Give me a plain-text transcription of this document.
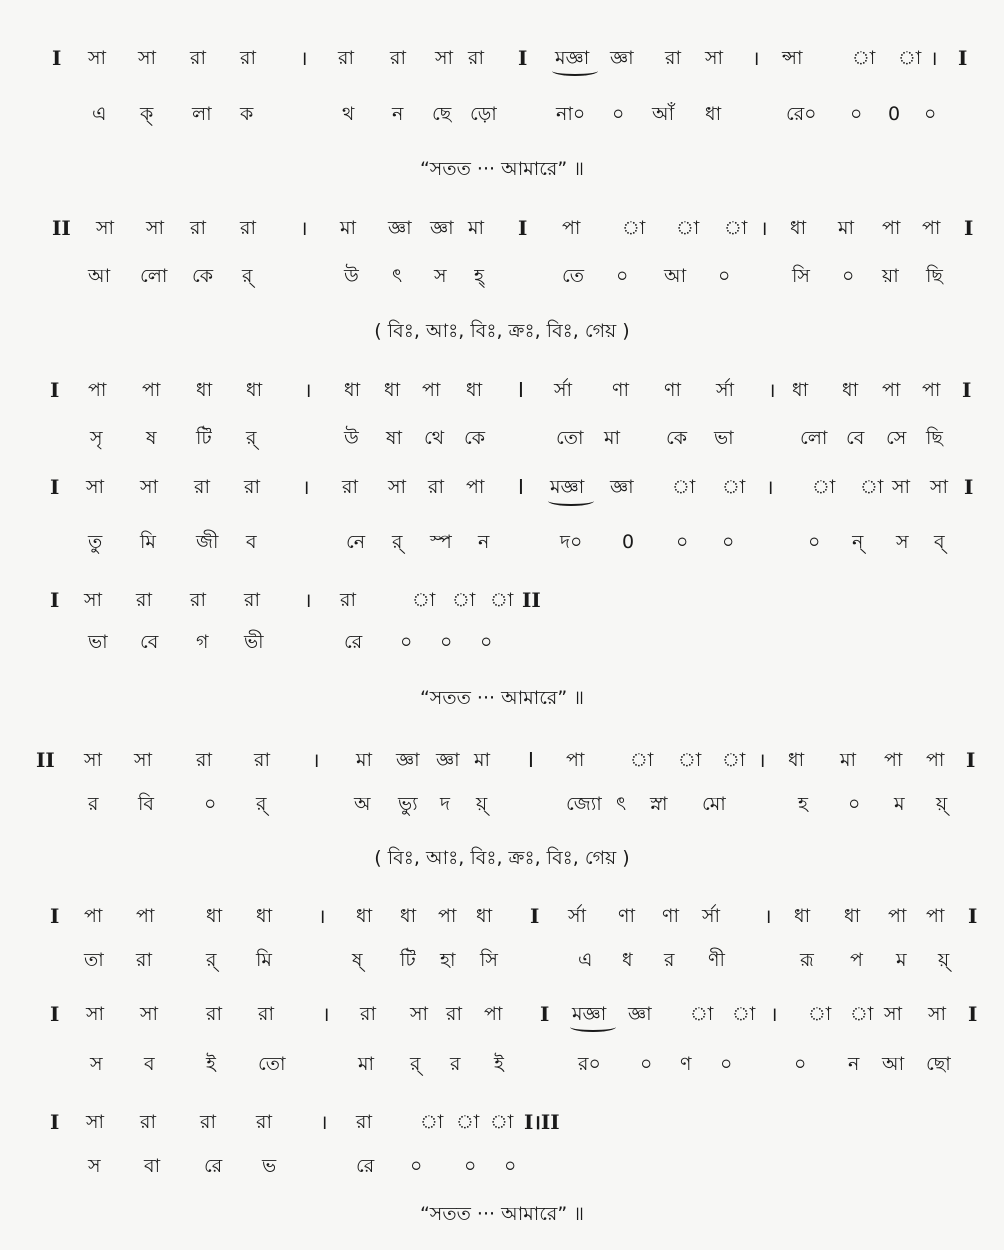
I সা সা রা রা । রা রা সা রা I মজ্ঞা জ্ঞা রা সা । ন্সা	া া । I
এ ক্ লা ক	থ ন ছে ড়ো	না০ ০ আঁ ধা	রে০ ০ 0 ০
“সতত ··· আমারে” ॥
II সা সা রা রা । মা জ্ঞা জ্ঞা মা I পা া া া । ধা মা পা পা I
আ লো কে র্	উ ৎ স হ্	তে ০ আ ০	সি ০ য়া ছি
( বিঃ, আঃ, বিঃ, ক্রঃ, বিঃ, গেয় )
I পা পা ধা ধা । ধা ধা পা ধা I র্সা ণা ণা র্সা । ধা ধা পা পা I
সৃ ষ টি র্	উ ষা থে কে	তো মা কে ভা	লো বে সে ছি
I সা সা রা রা । রা সা রা পা I মজ্ঞা জ্ঞা া া । া া সা সা I
তু মি জী ব	নে র্ স্প ন	দ০ 0 ০ ০	০ ন্ স ব্
I সা রা রা রা । রা	া া া II
ভা বে গ ভী	রে ০ ০ ০
“সতত ··· আমারে” ॥
II সা সা রা রা । মা জ্ঞা জ্ঞা মা I পা া া া । ধা মা পা পা I
র বি	০ র্	অ ভ্যু দ য়্	জ্যো ৎ স্না মো	হ ০ ম য়্
( বিঃ, আঃ, বিঃ, ক্রঃ, বিঃ, গেয় )
I পা পা	ধা ধা । ধা ধা পা ধা I র্সা ণা ণা র্সা । ধা ধা পা পা I
তা রা	র্ মি	ষ্ টি হা সি	এ ধ র ণী	রূ প ম য়্
I সা সা	রা রা । রা সা রা পা I মজ্ঞা জ্ঞা া া । া া সা সা I
স ব	ই তো	মা র্ র ই	র০ ০ ণ ০	০ ন আ ছো
I সা রা রা রা । রা	া া া I।II
স বা রে ভ	রে ০ ০ ০
“সতত ··· আমারে” ॥
